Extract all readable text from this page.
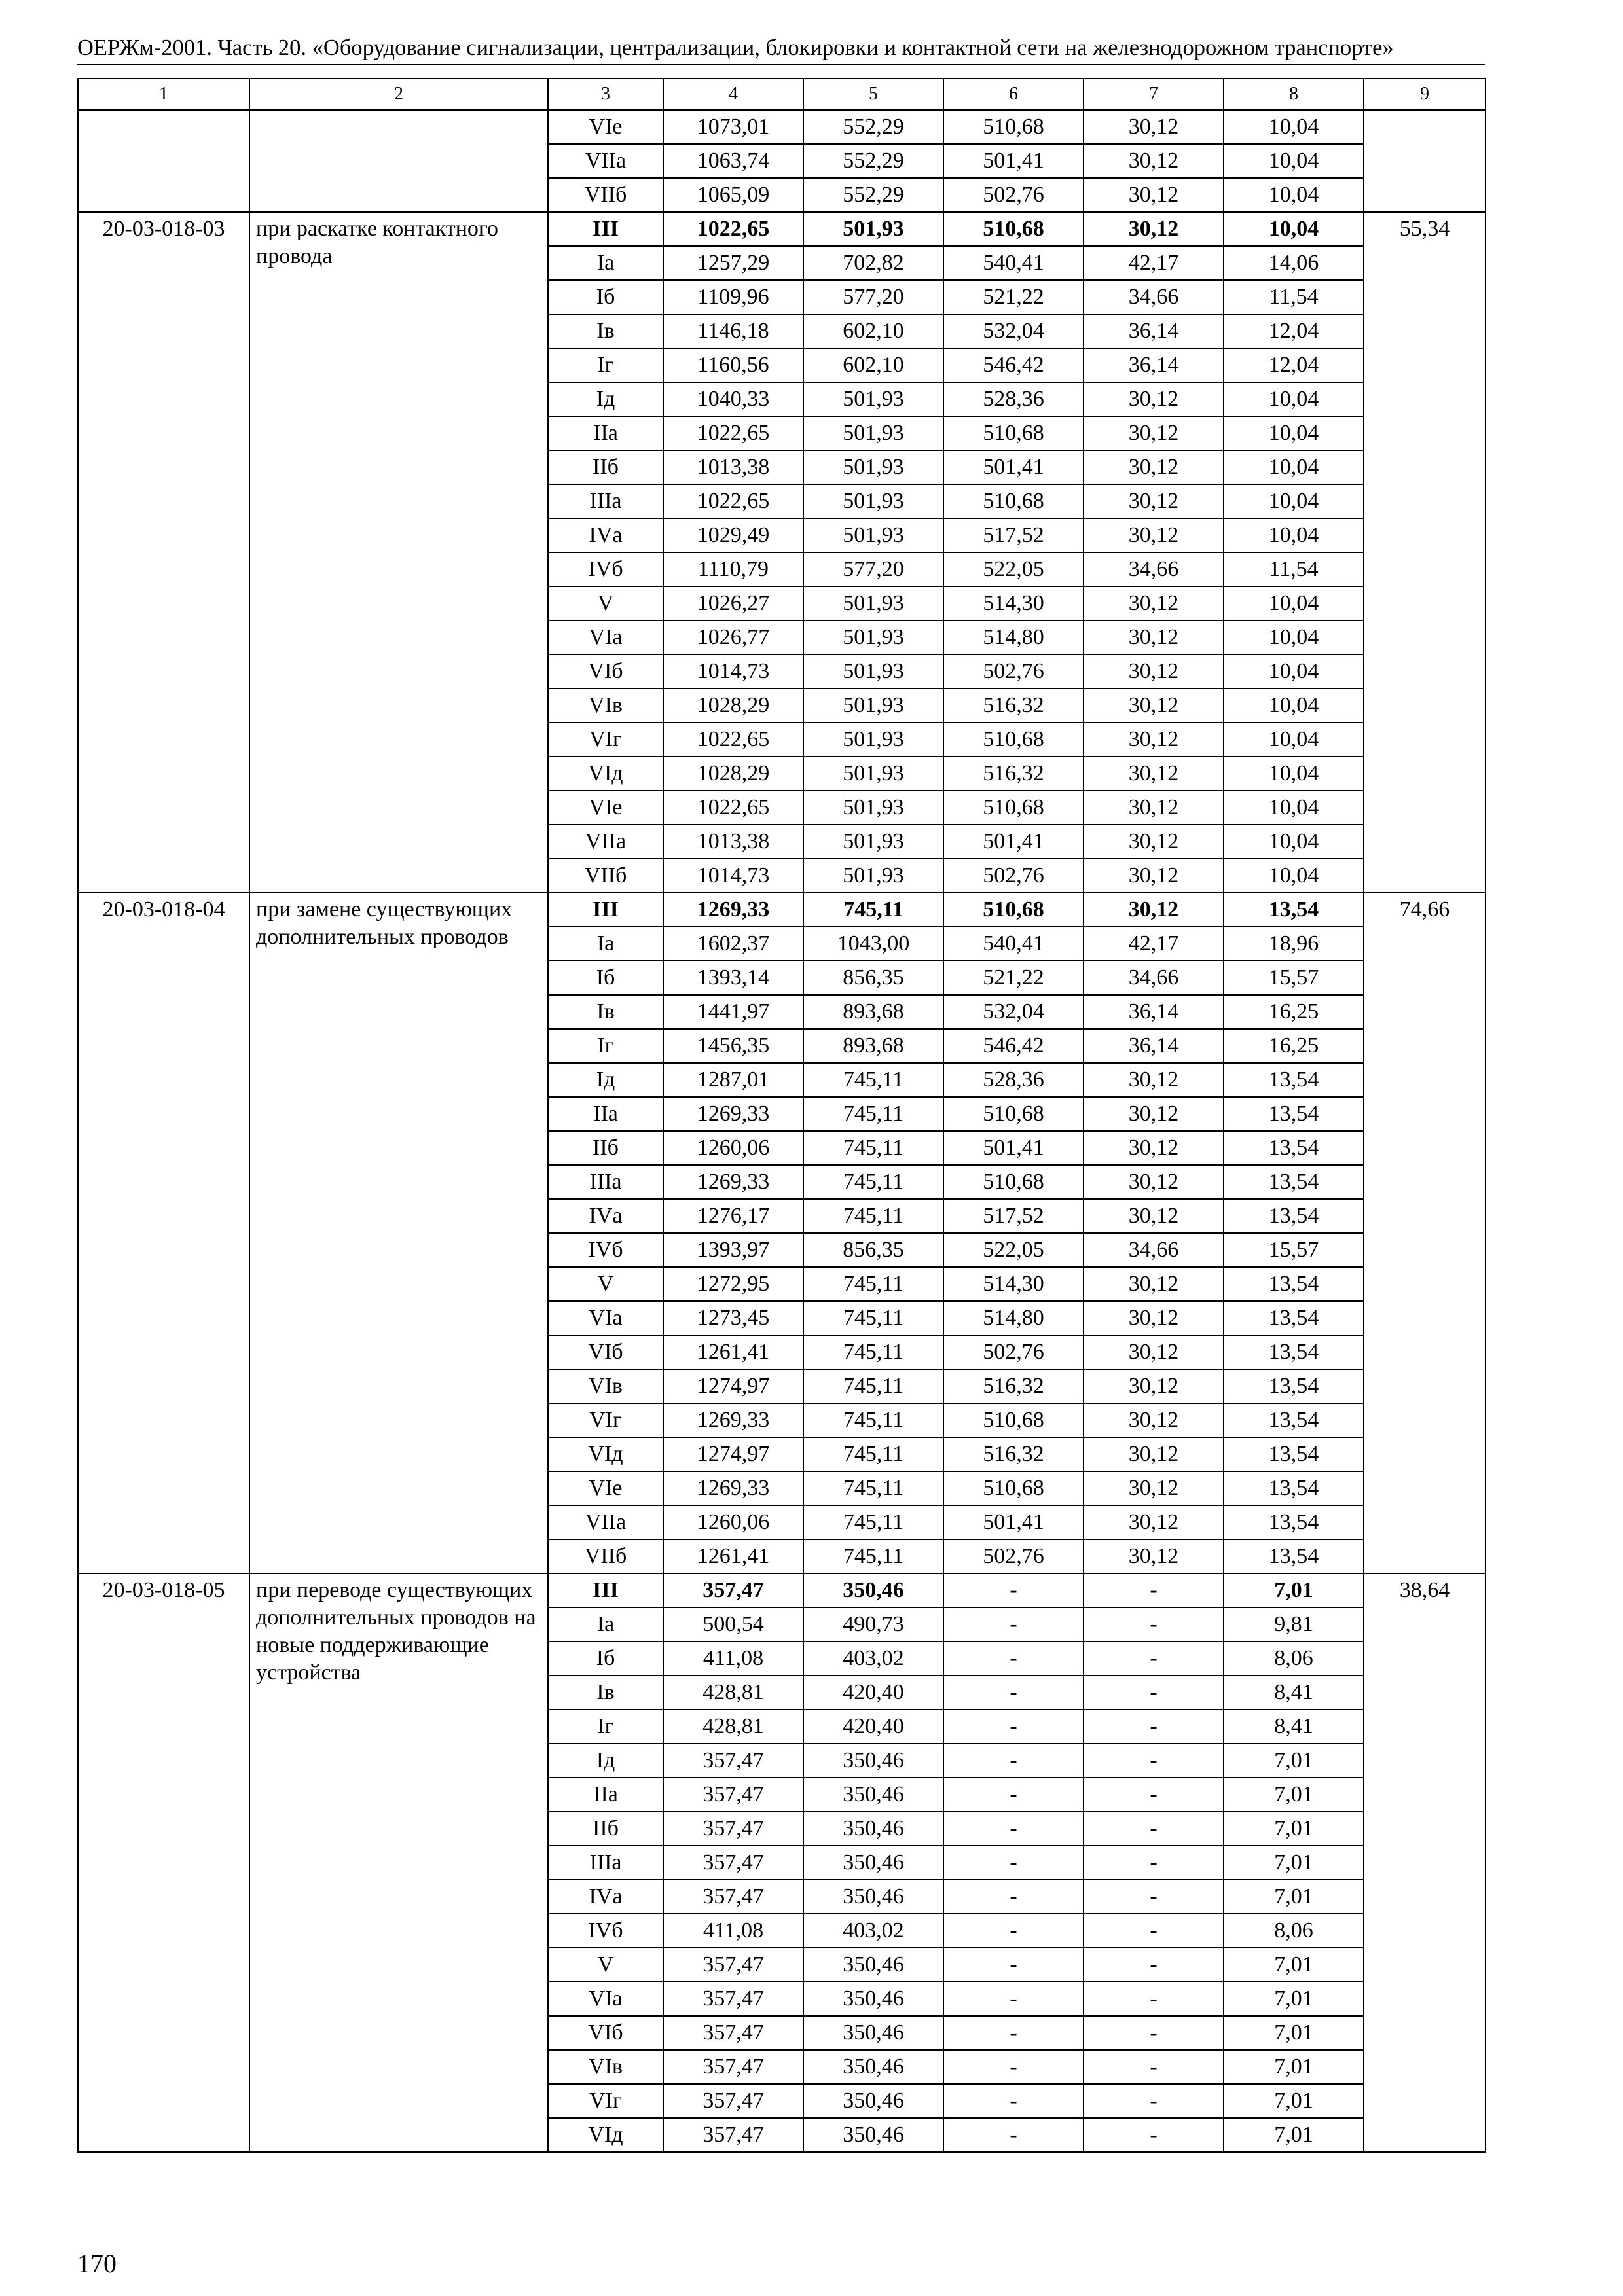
ОЕРЖм-2001. Часть 20. «Оборудование сигнализации, централизации, блокировки и контактной сети на железнодорожном транспорте»
1	2	3	4	5	6	7	8	9
		VIе	1073,01	552,29	510,68	30,12	10,04	
		VIIа	1063,74	552,29	501,41	30,12	10,04	
		VIIб	1065,09	552,29	502,76	30,12	10,04	
20-03-018-03	при раскатке контактного провода	III	1022,65	501,93	510,68	30,12	10,04	55,34
		Iа	1257,29	702,82	540,41	42,17	14,06	
		Iб	1109,96	577,20	521,22	34,66	11,54	
		Iв	1146,18	602,10	532,04	36,14	12,04	
		Iг	1160,56	602,10	546,42	36,14	12,04	
		Iд	1040,33	501,93	528,36	30,12	10,04	
		IIа	1022,65	501,93	510,68	30,12	10,04	
		IIб	1013,38	501,93	501,41	30,12	10,04	
		IIIа	1022,65	501,93	510,68	30,12	10,04	
		IVа	1029,49	501,93	517,52	30,12	10,04	
		IVб	1110,79	577,20	522,05	34,66	11,54	
		V	1026,27	501,93	514,30	30,12	10,04	
		VIа	1026,77	501,93	514,80	30,12	10,04	
		VIб	1014,73	501,93	502,76	30,12	10,04	
		VIв	1028,29	501,93	516,32	30,12	10,04	
		VIг	1022,65	501,93	510,68	30,12	10,04	
		VIд	1028,29	501,93	516,32	30,12	10,04	
		VIе	1022,65	501,93	510,68	30,12	10,04	
		VIIа	1013,38	501,93	501,41	30,12	10,04	
		VIIб	1014,73	501,93	502,76	30,12	10,04	
20-03-018-04	при замене существующих дополнительных проводов	III	1269,33	745,11	510,68	30,12	13,54	74,66
		Iа	1602,37	1043,00	540,41	42,17	18,96	
		Iб	1393,14	856,35	521,22	34,66	15,57	
		Iв	1441,97	893,68	532,04	36,14	16,25	
		Iг	1456,35	893,68	546,42	36,14	16,25	
		Iд	1287,01	745,11	528,36	30,12	13,54	
		IIа	1269,33	745,11	510,68	30,12	13,54	
		IIб	1260,06	745,11	501,41	30,12	13,54	
		IIIа	1269,33	745,11	510,68	30,12	13,54	
		IVа	1276,17	745,11	517,52	30,12	13,54	
		IVб	1393,97	856,35	522,05	34,66	15,57	
		V	1272,95	745,11	514,30	30,12	13,54	
		VIа	1273,45	745,11	514,80	30,12	13,54	
		VIб	1261,41	745,11	502,76	30,12	13,54	
		VIв	1274,97	745,11	516,32	30,12	13,54	
		VIг	1269,33	745,11	510,68	30,12	13,54	
		VIд	1274,97	745,11	516,32	30,12	13,54	
		VIе	1269,33	745,11	510,68	30,12	13,54	
		VIIа	1260,06	745,11	501,41	30,12	13,54	
		VIIб	1261,41	745,11	502,76	30,12	13,54	
20-03-018-05	при переводе существующих дополнительных проводов на новые поддерживающие устройства	III	357,47	350,46	-	-	7,01	38,64
		Iа	500,54	490,73	-	-	9,81	
		Iб	411,08	403,02	-	-	8,06	
		Iв	428,81	420,40	-	-	8,41	
		Iг	428,81	420,40	-	-	8,41	
		Iд	357,47	350,46	-	-	7,01	
		IIа	357,47	350,46	-	-	7,01	
		IIб	357,47	350,46	-	-	7,01	
		IIIа	357,47	350,46	-	-	7,01	
		IVа	357,47	350,46	-	-	7,01	
		IVб	411,08	403,02	-	-	8,06	
		V	357,47	350,46	-	-	7,01	
		VIа	357,47	350,46	-	-	7,01	
		VIб	357,47	350,46	-	-	7,01	
		VIв	357,47	350,46	-	-	7,01	
		VIг	357,47	350,46	-	-	7,01	
		VIд	357,47	350,46	-	-	7,01	
170
